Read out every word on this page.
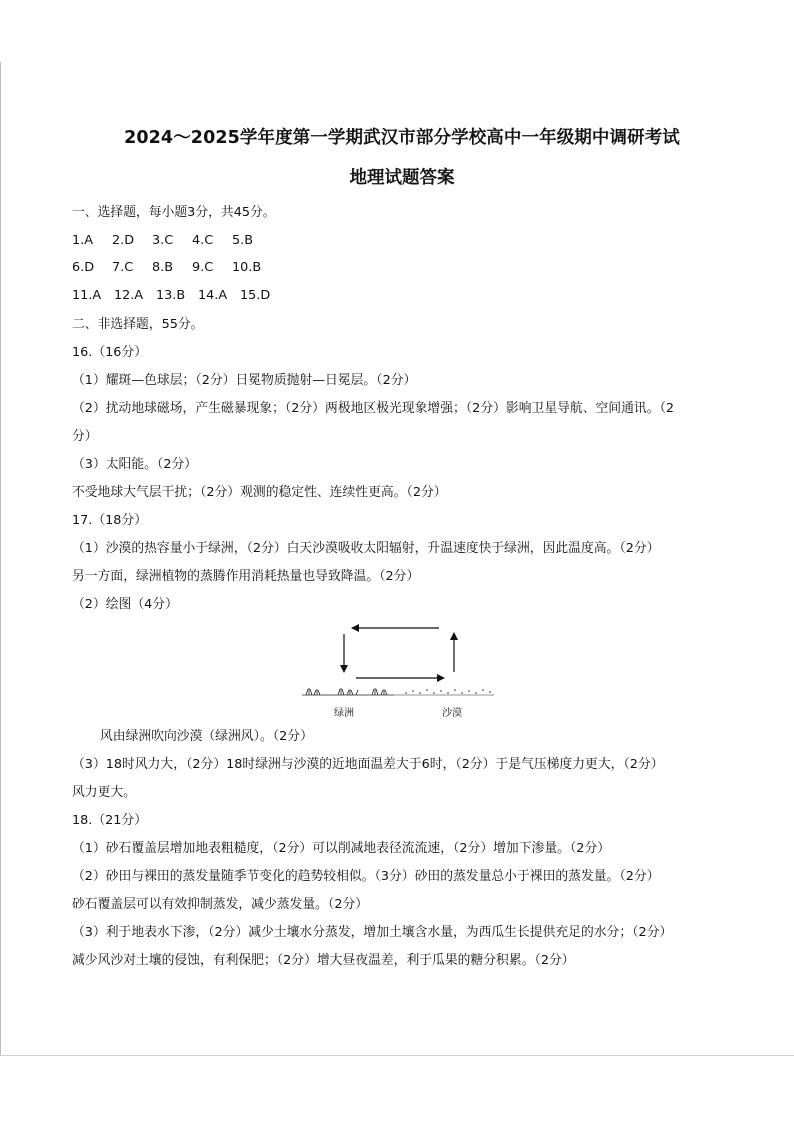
2024～2025学年度第一学期武汉市部分学校高中一年级期中调研考试
地理试题答案
一、选择题，每小题3分，共45分。
1.A 2.D 3.C 4.C 5.B
6.D 7.C 8.B 9.C 10.B
11.A 12.A 13.B 14.A 15.D
二、非选择题，55分。
16.（16分）
（1）耀斑—色球层；（2分）日冕物质抛射—日冕层。（2分）
（2）扰动地球磁场，产生磁暴现象；（2分）两极地区极光现象增强；（2分）影响卫星导航、空间通讯。（2
分）
（3）太阳能。（2分）
不受地球大气层干扰；（2分）观测的稳定性、连续性更高。（2分）
17.（18分）
（1）沙漠的热容量小于绿洲，（2分）白天沙漠吸收太阳辐射，升温速度快于绿洲，因此温度高。（2分）
另一方面，绿洲植物的蒸腾作用消耗热量也导致降温。（2分）
（2）绘图（4分）
绿洲	沙漠
风由绿洲吹向沙漠（绿洲风）。（2分）
（3）18时风力大，（2分）18时绿洲与沙漠的近地面温差大于6时，（2分）于是气压梯度力更大，（2分）
风力更大。
18.（21分）
（1）砂石覆盖层增加地表粗糙度，（2分）可以削减地表径流流速，（2分）增加下渗量。（2分）
（2）砂田与裸田的蒸发量随季节变化的趋势较相似。（3分）砂田的蒸发量总小于裸田的蒸发量。（2分）
砂石覆盖层可以有效抑制蒸发，减少蒸发量。（2分）
（3）利于地表水下渗，（2分）减少土壤水分蒸发，增加土壤含水量，为西瓜生长提供充足的水分；（2分）
减少风沙对土壤的侵蚀，有利保肥；（2分）增大昼夜温差，利于瓜果的糖分积累。（2分）
